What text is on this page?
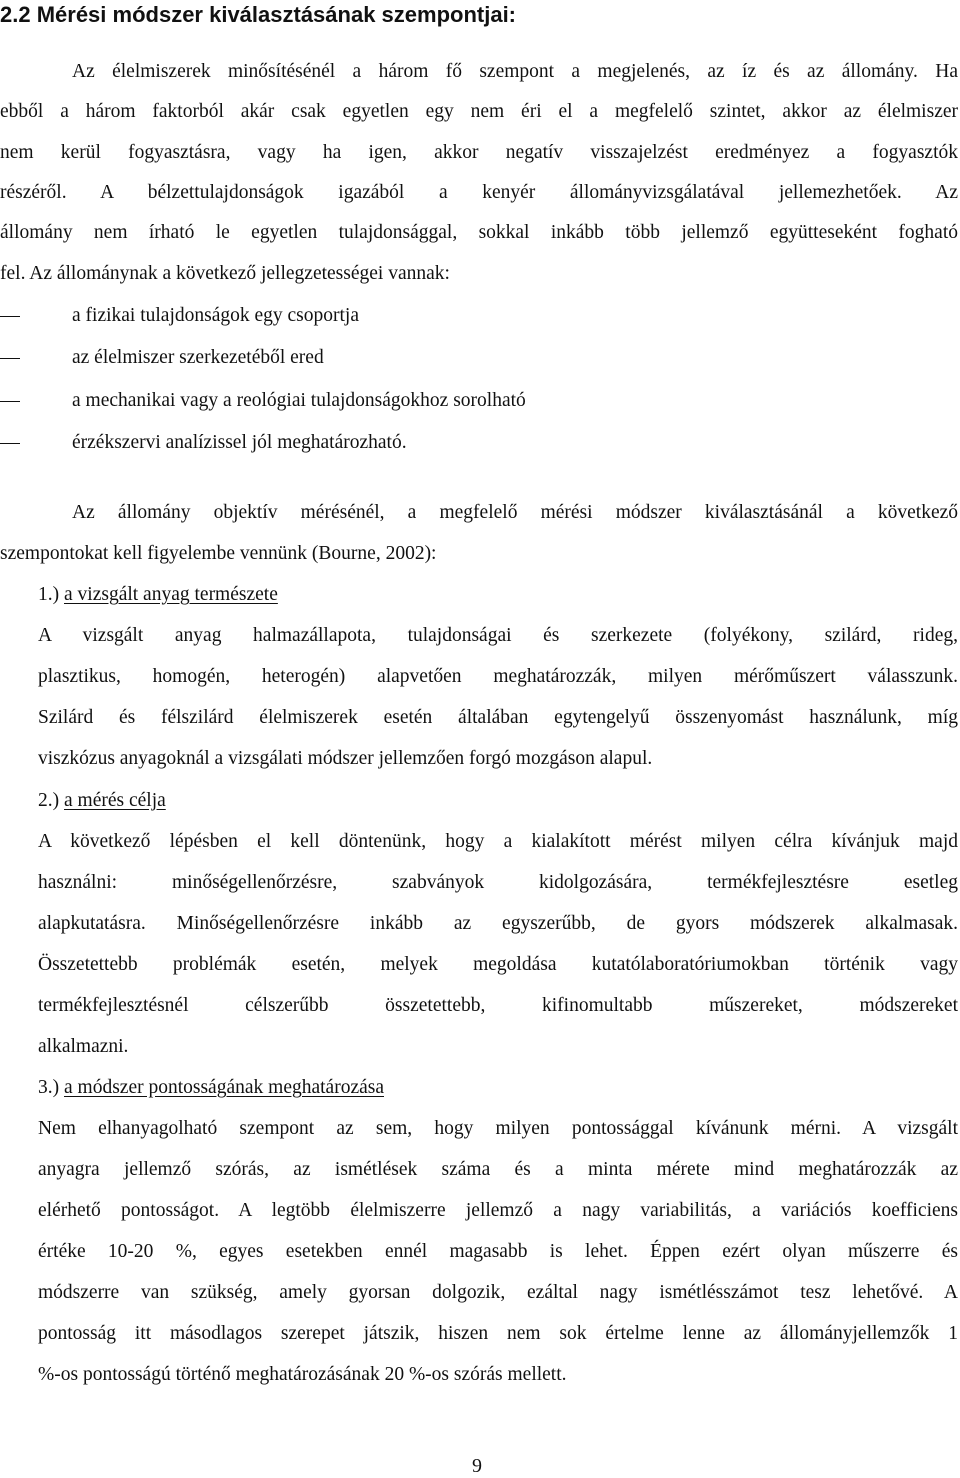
2.2 Mérési módszer kiválasztásának szempontjai:
Az élelmiszerek minősítésénél a három fő szempont a megjelenés, az íz és az állomány. Ha
ebből a három faktorból akár csak egyetlen egy nem éri el a megfelelő szintet, akkor az élelmiszer
nem kerül fogyasztásra, vagy ha igen, akkor negatív visszajelzést eredményez a fogyasztók
részéről. A bélzettulajdonságok igazából a kenyér állományvizsgálatával jellemezhetőek. Az
állomány nem írható le egyetlen tulajdonsággal, sokkal inkább több jellemző együtteseként fogható
fel. Az állománynak a következő jellegzetességei vannak:
a fizikai tulajdonságok egy csoportja
az élelmiszer szerkezetéből ered
a mechanikai vagy a reológiai tulajdonságokhoz sorolható
érzékszervi analízissel jól meghatározható.
Az állomány objektív mérésénél, a megfelelő mérési módszer kiválasztásánál a következő
szempontokat kell figyelembe vennünk (Bourne, 2002):
1.) a vizsgált anyag természete
A vizsgált anyag halmazállapota, tulajdonságai és szerkezete (folyékony, szilárd, rideg,
plasztikus, homogén, heterogén) alapvetően meghatározzák, milyen mérőműszert válasszunk.
Szilárd és félszilárd élelmiszerek esetén általában egytengelyű összenyomást használunk, míg
viszkózus anyagoknál a vizsgálati módszer jellemzően forgó mozgáson alapul.
2.) a mérés célja
A következő lépésben el kell döntenünk, hogy a kialakított mérést milyen célra kívánjuk majd
használni: minőségellenőrzésre, szabványok kidolgozására, termékfejlesztésre esetleg
alapkutatásra. Minőségellenőrzésre inkább az egyszerűbb, de gyors módszerek alkalmasak.
Összetettebb problémák esetén, melyek megoldása kutatólaboratóriumokban történik vagy
termékfejlesztésnél célszerűbb összetettebb, kifinomultabb műszereket, módszereket
alkalmazni.
3.) a módszer pontosságának meghatározása
Nem elhanyagolható szempont az sem, hogy milyen pontossággal kívánunk mérni. A vizsgált
anyagra jellemző szórás, az ismétlések száma és a minta mérete mind meghatározzák az
elérhető pontosságot. A legtöbb élelmiszerre jellemző a nagy variabilitás, a variációs koefficiens
értéke 10-20 %, egyes esetekben ennél magasabb is lehet. Éppen ezért olyan műszerre és
módszerre van szükség, amely gyorsan dolgozik, ezáltal nagy ismétlésszámot tesz lehetővé. A
pontosság itt másodlagos szerepet játszik, hiszen nem sok értelme lenne az állományjellemzők 1
%-os pontosságú történő meghatározásának 20 %-os szórás mellett.
9
